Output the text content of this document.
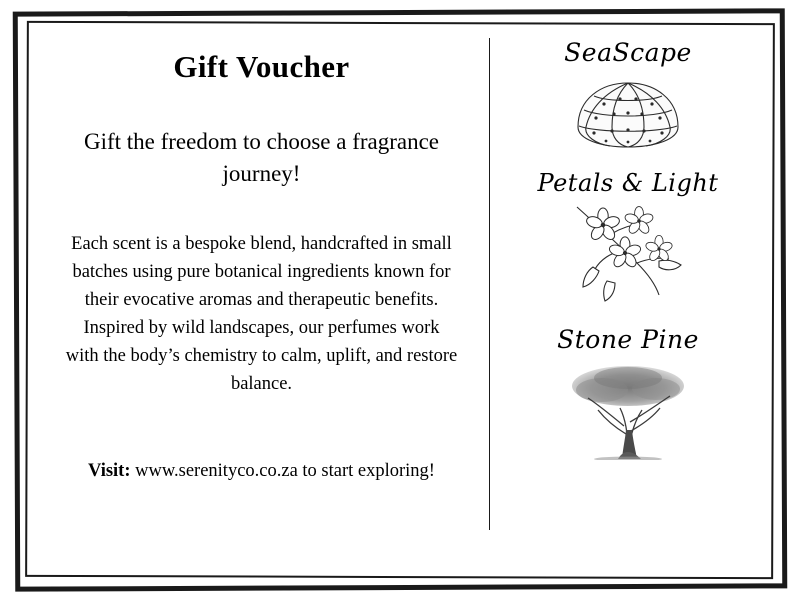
Gift Voucher

Gift the freedom to choose a fragrance journey!

Each scent is a bespoke blend, handcrafted in small batches using pure botanical ingredients known for their evocative aromas and therapeutic benefits. Inspired by wild landscapes, our perfumes work with the body’s chemistry to calm, uplift, and restore balance.

Visit: www.serenityco.co.za to start exploring!

SeaScape
Petals & Light
Stone Pine
